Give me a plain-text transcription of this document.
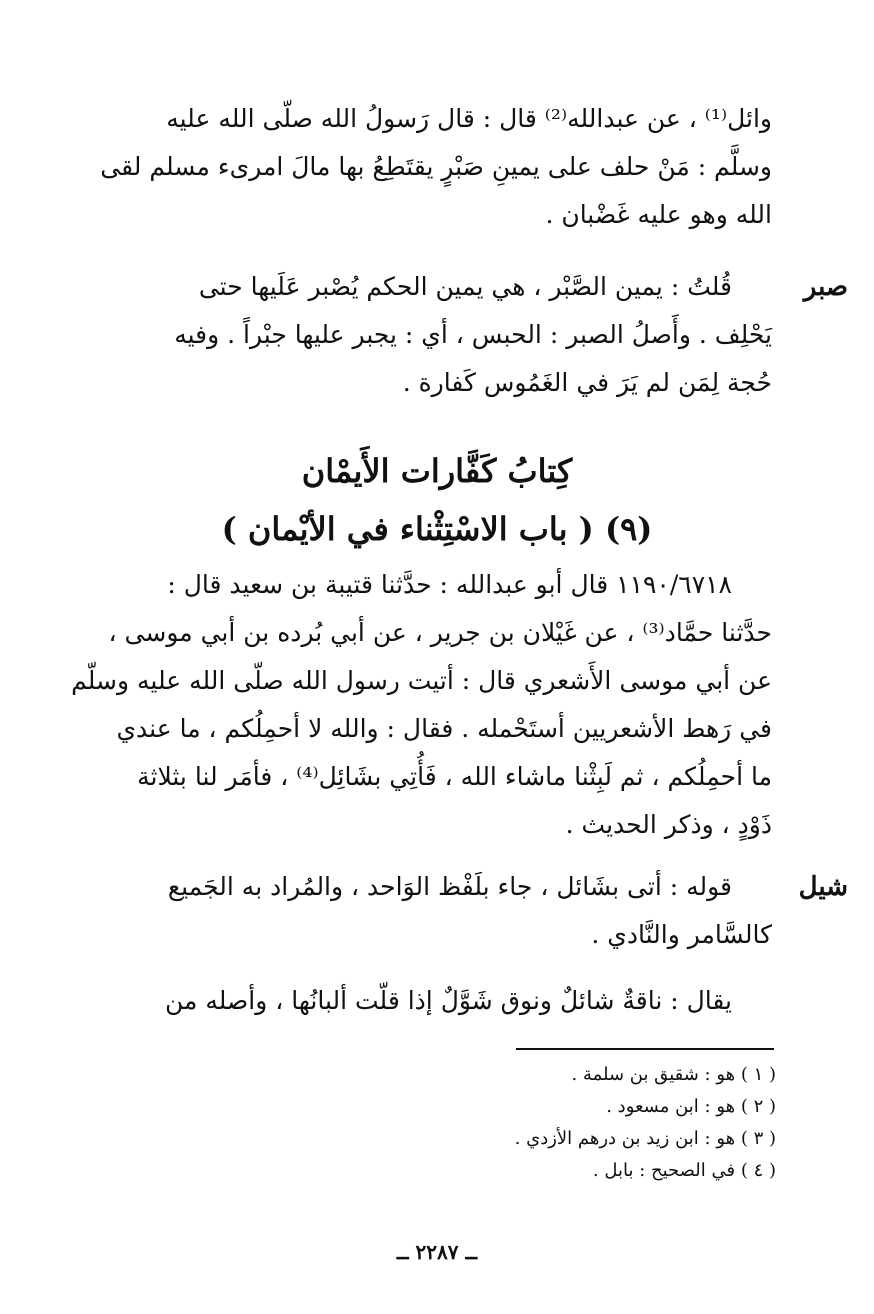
وائل⁽¹⁾ ، عن عبدالله⁽²⁾ قال : قال رَسولُ الله صلّى الله عليه
وسلَّم : مَنْ حلف على يمينِ صَبْرٍ يقتَطِعُ بها مالَ امرىء مسلم لقى
الله وهو عليه غَضْبان .
صبر
قُلتُ : يمين الصَّبْر ، هي يمين الحكم يُصْبر عَلَيها حتى
يَحْلِف . وأَصلُ الصبر : الحبس ، أي : يجبر عليها جبْراً . وفيه
حُجة لِمَن لم يَرَ في الغَمُوس كَفارة .
كِتابُ كَفَّارات الأَيمْان
(٩) ( باب الاسْتِثْناء في الأيْمان )
١١٩٠/٦٧١٨ قال أبو عبدالله : حدَّثنا قتيبة بن سعيد قال :
حدَّثنا حمَّاد⁽³⁾ ، عن غَيْلان بن جرير ، عن أبي بُرده بن أبي موسى ،
عن أبي موسى الأَشعري قال : أتيت رسول الله صلّى الله عليه وسلّم
في رَهط الأشعريين أستَحْمله . فقال : والله لا أحمِلُكم ، ما عندي
ما أحمِلُكم ، ثم لَبِثْنا ماشاء الله ، فَأُتِي بشَائِل⁽⁴⁾ ، فأمَر لنا بثلاثة
ذَوْدٍ ، وذكر الحديث .
شيل
قوله : أتى بشَائل ، جاء بلَفْظ الوَاحد ، والمُراد به الجَميع
كالسَّامر والنَّادي .
يقال : ناقةٌ شائلٌ ونوق شَوَّلٌ إذا قلّت ألبانُها ، وأصله من
( ١ ) هو : شقيق بن سلمة .
( ٢ ) هو : ابن مسعود .
( ٣ ) هو : ابن زيد بن درهم الأزدي .
( ٤ ) في الصحيح : بابل .
ــ ٢٢٨٧ ــ
